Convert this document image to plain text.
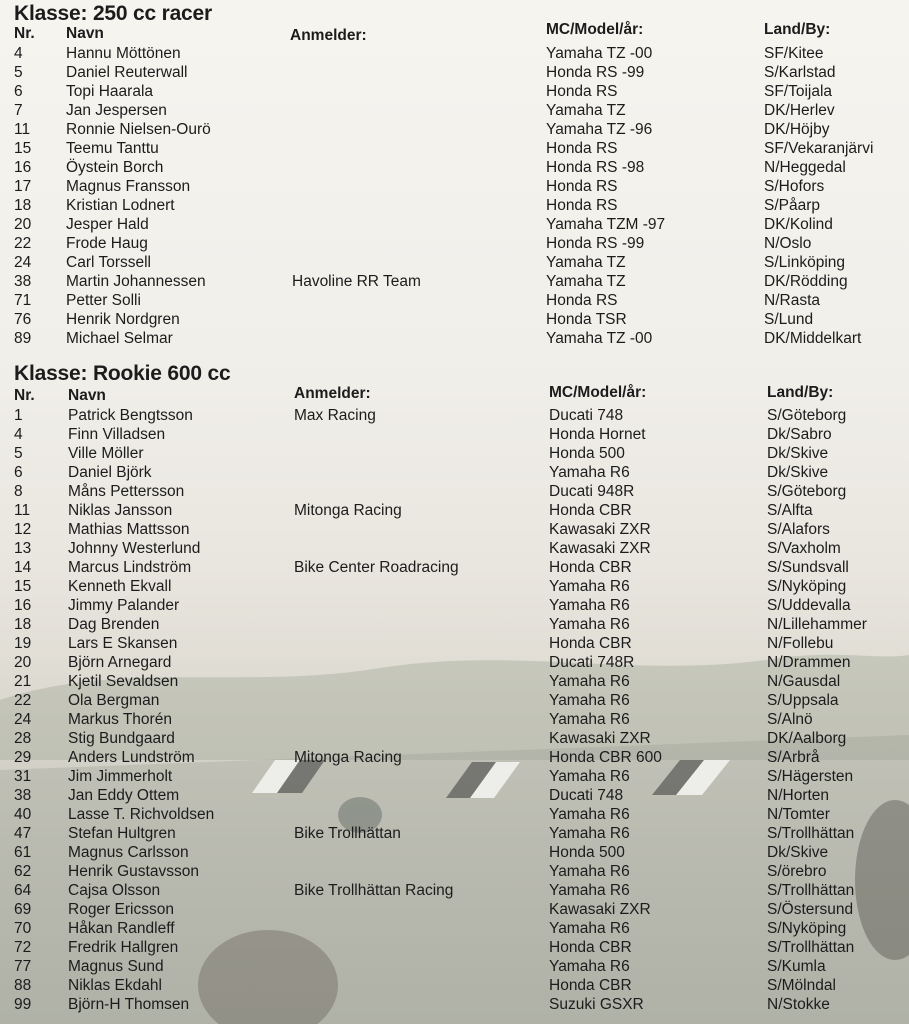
Klasse: 250 cc racer
Nr. Navn	Anmelder:	MC/Model/år:	Land/By:
4	Hannu Möttönen	Yamaha TZ -00	SF/Kitee
5	Daniel Reuterwall	Honda RS -99	S/Karlstad
6	Topi Haarala	Honda RS	SF/Toijala
7	Jan Jespersen	Yamaha TZ	DK/Herlev
11 Ronnie Nielsen-Ourö	Yamaha TZ -96	DK/Höjby
15 Teemu Tanttu	Honda RS	SF/Vekaranjärvi
16 Öystein Borch	Honda RS -98	N/Heggedal
17 Magnus Fransson	Honda RS	S/Hofors
18 Kristian Lodnert	Honda RS	S/Påarp
20 Jesper Hald	Yamaha TZM -97	DK/Kolind
22 Frode Haug	Honda RS -99	N/Oslo
24 Carl Torssell	Yamaha TZ	S/Linköping
38 Martin Johannessen	Havoline RR Team	Yamaha TZ	DK/Rödding
71 Petter Solli	Honda RS	N/Rasta
76 Henrik Nordgren	Honda TSR	S/Lund
89 Michael Selmar	Yamaha TZ -00	DK/Middelkart
Klasse: Rookie 600 cc
Nr. Navn	Anmelder:	MC/Model/år:	Land/By:
1	Patrick Bengtsson	Max Racing	Ducati 748	S/Göteborg
4	Finn Villadsen	Honda Hornet	Dk/Sabro
5	Ville Möller	Honda 500	Dk/Skive
6	Daniel Björk	Yamaha R6	Dk/Skive
8	Måns Pettersson	Ducati 948R	S/Göteborg
11 Niklas Jansson	Mitonga Racing	Honda CBR	S/Alfta
12 Mathias Mattsson	Kawasaki ZXR	S/Alafors
13 Johnny Westerlund	Kawasaki ZXR	S/Vaxholm
14 Marcus Lindström	Bike Center Roadracing	Honda CBR	S/Sundsvall
15 Kenneth Ekvall	Yamaha R6	S/Nyköping
16 Jimmy Palander	Yamaha R6	S/Uddevalla
18 Dag Brenden	Yamaha R6	N/Lillehammer
19 Lars E Skansen	Honda CBR	N/Follebu
20 Björn Arnegard	Ducati 748R	N/Drammen
21 Kjetil Sevaldsen	Yamaha R6	N/Gausdal
22 Ola Bergman	Yamaha R6	S/Uppsala
24 Markus Thorén	Yamaha R6	S/Alnö
28 Stig Bundgaard	Kawasaki ZXR	DK/Aalborg
29 Anders Lundström	Mitonga Racing	Honda CBR 600	S/Arbrå
31 Jim Jimmerholt	Yamaha R6	S/Hägersten
38 Jan Eddy Ottem	Ducati 748	N/Horten
40 Lasse T. Richvoldsen	Yamaha R6	N/Tomter
47 Stefan Hultgren	Bike Trollhättan	Yamaha R6	S/Trollhättan
61 Magnus Carlsson	Honda 500	Dk/Skive
62 Henrik Gustavsson	Yamaha R6	S/örebro
64 Cajsa Olsson	Bike Trollhättan Racing	Yamaha R6	S/Trollhättan
69 Roger Ericsson	Kawasaki ZXR	S/Östersund
70 Håkan Randleff	Yamaha R6	S/Nyköping
72 Fredrik Hallgren	Honda CBR	S/Trollhättan
77 Magnus Sund	Yamaha R6	S/Kumla
88 Niklas Ekdahl	Honda CBR	S/Mölndal
99 Björn-H Thomsen	Suzuki GSXR	N/Stokke
